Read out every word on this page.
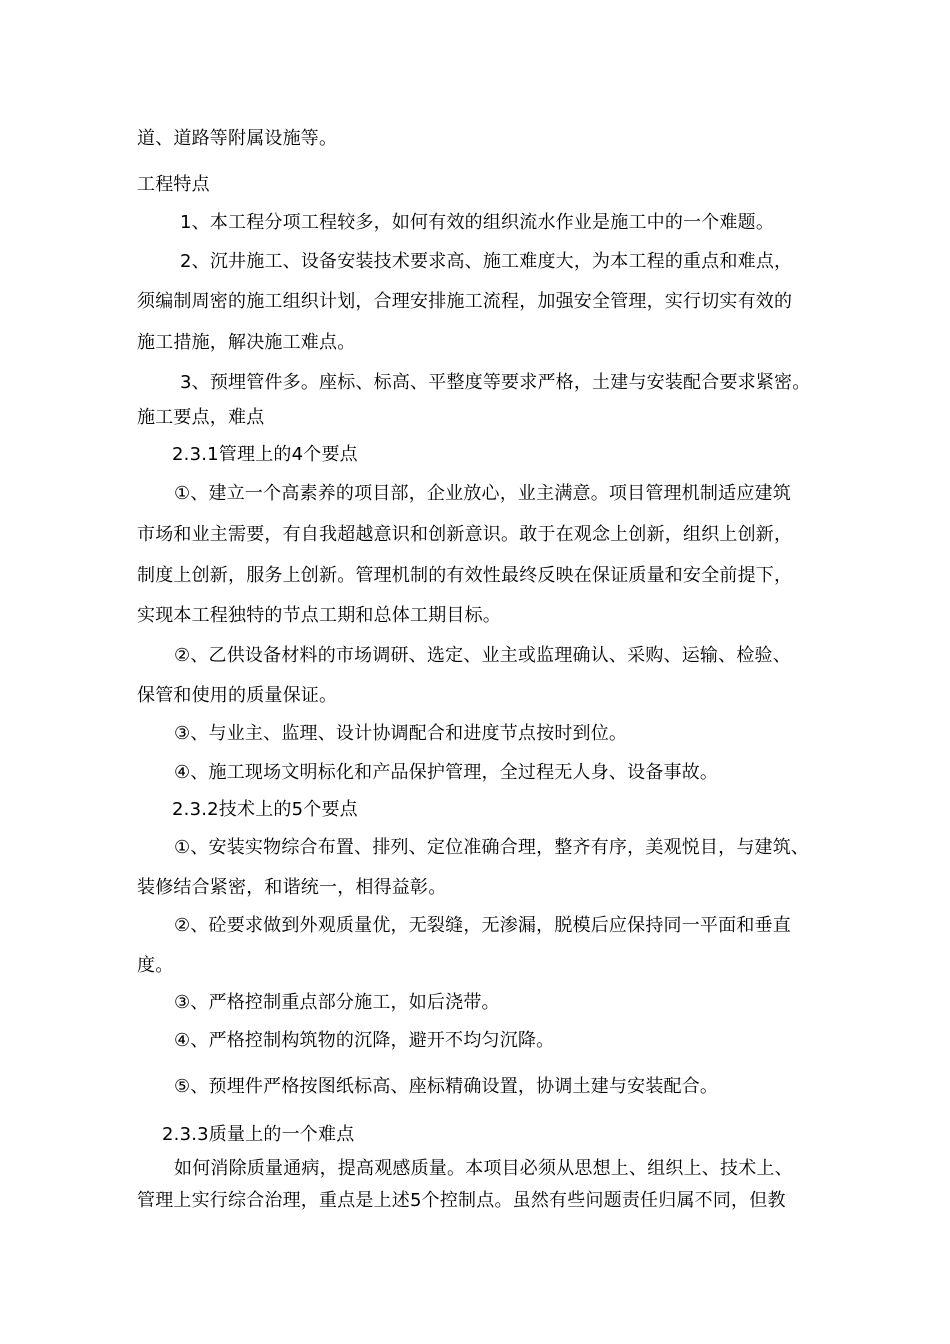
道、道路等附属设施等。
工程特点
1、本工程分项工程较多，如何有效的组织流水作业是施工中的一个难题。
2、沉井施工、设备安装技术要求高、施工难度大，为本工程的重点和难点，
须编制周密的施工组织计划，合理安排施工流程，加强安全管理，实行切实有效的
施工措施，解决施工难点。
3、预埋管件多。座标、标高、平整度等要求严格，土建与安装配合要求紧密。
施工要点，难点
2.3.1管理上的4个要点
①、建立一个高素养的项目部，企业放心，业主满意。项目管理机制适应建筑
市场和业主需要，有自我超越意识和创新意识。敢于在观念上创新，组织上创新，
制度上创新，服务上创新。管理机制的有效性最终反映在保证质量和安全前提下，
实现本工程独特的节点工期和总体工期目标。
②、乙供设备材料的市场调研、选定、业主或监理确认、采购、运输、检验、
保管和使用的质量保证。
③、与业主、监理、设计协调配合和进度节点按时到位。
④、施工现场文明标化和产品保护管理，全过程无人身、设备事故。
2.3.2技术上的5个要点
①、安装实物综合布置、排列、定位准确合理，整齐有序，美观悦目，与建筑、
装修结合紧密，和谐统一，相得益彰。
②、砼要求做到外观质量优，无裂缝，无渗漏，脱模后应保持同一平面和垂直
度。
③、严格控制重点部分施工，如后浇带。
④、严格控制构筑物的沉降，避开不均匀沉降。
⑤、预埋件严格按图纸标高、座标精确设置，协调土建与安装配合。
2.3.3质量上的一个难点
如何消除质量通病，提高观感质量。本项目必须从思想上、组织上、技术上、
管理上实行综合治理，重点是上述5个控制点。虽然有些问题责任归属不同，但教
